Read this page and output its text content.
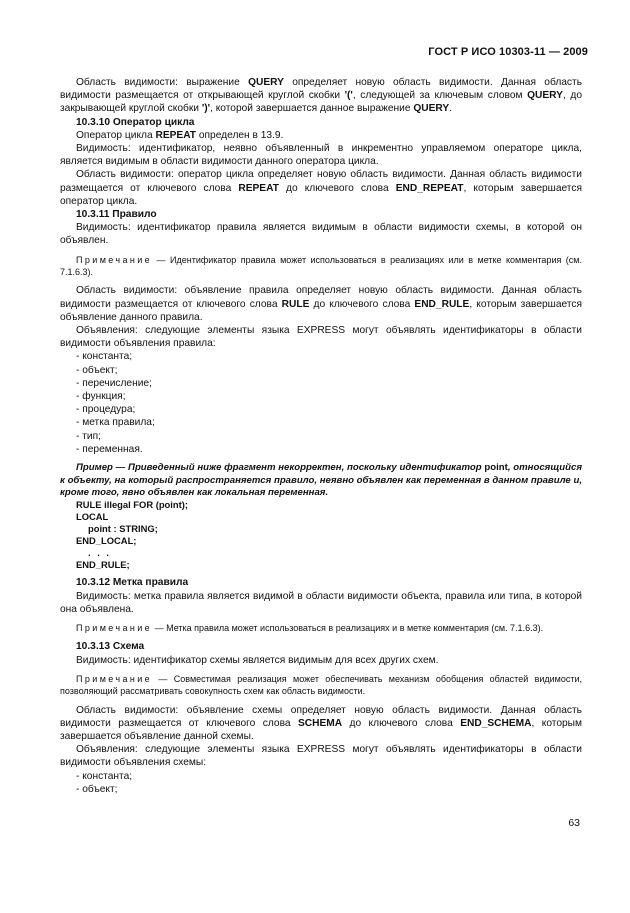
ГОСТ Р ИСО 10303-11 — 2009

Область видимости: выражение QUERY определяет новую область видимости. Данная область видимости размещается от открывающей круглой скобки '(', следующей за ключевым словом QUERY, до закрывающей круглой скобки ')', которой завершается данное выражение QUERY.

10.3.10 Оператор цикла

Оператор цикла REPEAT определен в 13.9.

Видимость: идентификатор, неявно объявленный в инкрементно управляемом операторе цикла, является видимым в области видимости данного оператора цикла.

Область видимости: оператор цикла определяет новую область видимости. Данная область видимости размещается от ключевого слова REPEAT до ключевого слова END_REPEAT, которым завершается оператор цикла.

10.3.11 Правило

Видимость: идентификатор правила является видимым в области видимости схемы, в которой он объявлен.

Примечание — Идентификатор правила может использоваться в реализациях или в метке комментария (см. 7.1.6.3).

Область видимости: объявление правила определяет новую область видимости. Данная область видимости размещается от ключевого слова RULE до ключевого слова END_RULE, которым завершается объявление данного правила.

Объявления: следующие элементы языка EXPRESS могут объявлять идентификаторы в области видимости объявления правила:

- константа;

- объект;

- перечисление;

- функция;

- процедура;

- метка правила;

- тип;

- переменная.

Пример — Приведенный ниже фрагмент некорректен, поскольку идентификатор point, относящийся к объекту, на который распространяется правило, неявно объявлен как переменная в данном правиле и, кроме того, явно объявлен как локальная переменная.

RULE illegal FOR (point);

LOCAL

point : STRING;

END_LOCAL;

. . .

END_RULE;

10.3.12 Метка правила

Видимость: метка правила является видимой в области видимости объекта, правила или типа, в которой она объявлена.

Примечание — Метка правила может использоваться в реализациях и в метке комментария (см. 7.1.6.3).

10.3.13 Схема

Видимость: идентификатор схемы является видимым для всех других схем.

Примечание — Совместимая реализация может обеспечивать механизм обобщения областей видимости, позволяющий рассматривать совокупность схем как область видимости.

Область видимости: объявление схемы определяет новую область видимости. Данная область видимости размещается от ключевого слова SCHEMA до ключевого слова END_SCHEMA, которым завершается объявление данной схемы.

Объявления: следующие элементы языка EXPRESS могут объявлять идентификаторы в области видимости объявления схемы:

- константа;

- объект;

63
